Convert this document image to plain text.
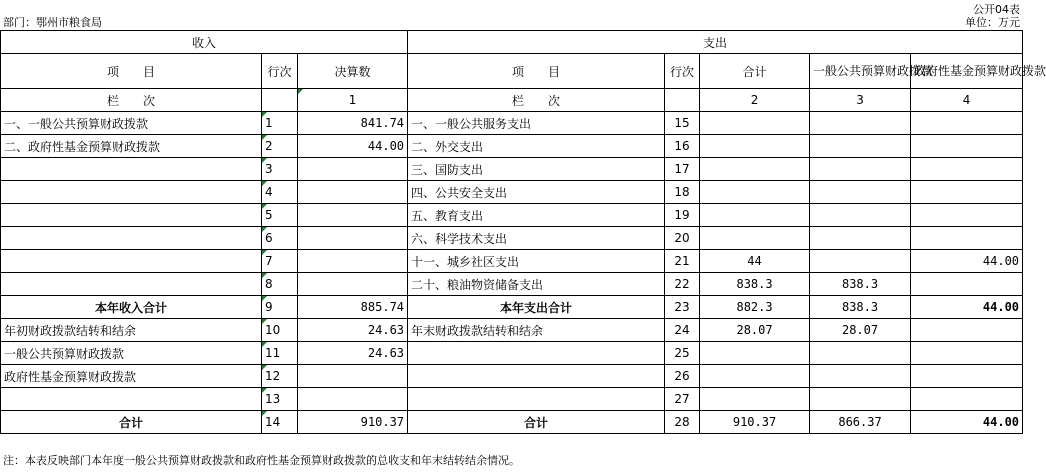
公开04表
部门：鄂州市粮食局	单位：万元
收入			支出				
项　　目	行次	决算数	项　　目	行次	合计	一般公共预算财政拨款	政府性基金预算财政拨款
栏　　次		1	栏　　次		2	3	4
一、一般公共预算财政拨款	1	841.74	一、一般公共服务支出	15			
二、政府性基金预算财政拨款	2	44.00	二、外交支出	16			
	3		三、国防支出	17			
	4		四、公共安全支出	18			
	5		五、教育支出	19			
	6		六、科学技术支出	20			
	7		十一、城乡社区支出	21	44		44.00
	8		二十、粮油物资储备支出	22	838.3	838.3	
本年收入合计	9	885.74	本年支出合计	23	882.3	838.3	44.00
年初财政拨款结转和结余	10	24.63	年末财政拨款结转和结余	24	28.07	28.07	
一般公共预算财政拨款	11	24.63		25			
政府性基金预算财政拨款	12			26			
	13			27			
合计	14	910.37	合计	28	910.37	866.37	44.00
注：本表反映部门本年度一般公共预算财政拨款和政府性基金预算财政拨款的总收支和年末结转结余情况。
